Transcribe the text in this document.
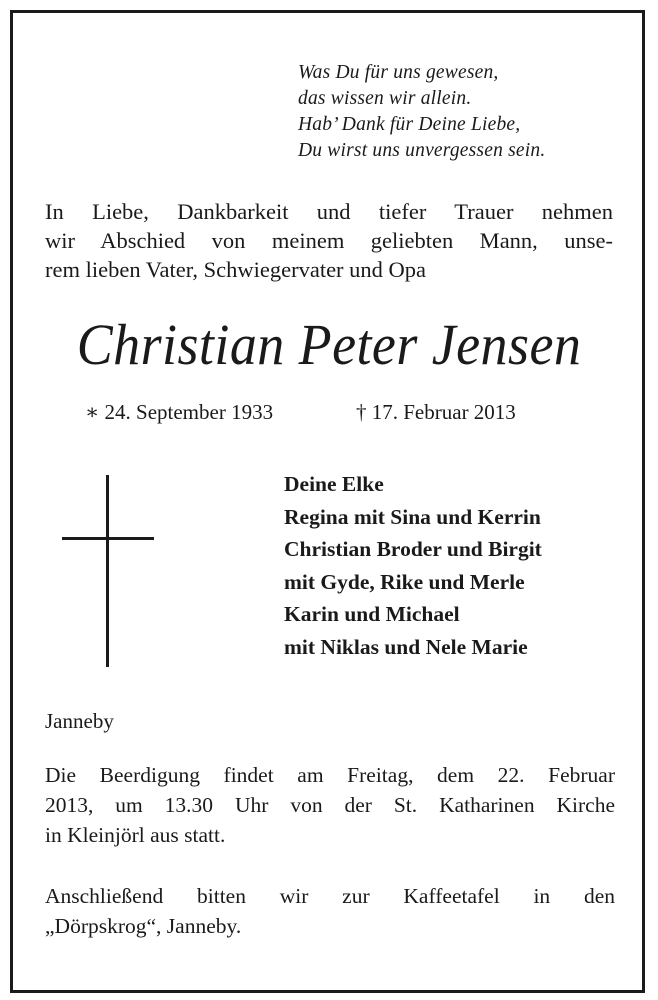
Was Du für uns gewesen,
das wissen wir allein.
Hab’ Dank für Deine Liebe,
Du wirst uns unvergessen sein.
In Liebe, Dankbarkeit und tiefer Trauer nehmen
wir Abschied von meinem geliebten Mann, unse-
rem lieben Vater, Schwiegervater und Opa
Christian Peter Jensen
∗ 24. September 1933	† 17. Februar 2013
Deine Elke
Regina mit Sina und Kerrin
Christian Broder und Birgit
mit Gyde, Rike und Merle
Karin und Michael
mit Niklas und Nele Marie
Janneby
Die Beerdigung findet am Freitag, dem 22. Februar
2013, um 13.30 Uhr von der St. Katharinen Kirche
in Kleinjörl aus statt.
Anschließend bitten wir zur Kaffeetafel in den
„Dörpskrog“, Janneby.
